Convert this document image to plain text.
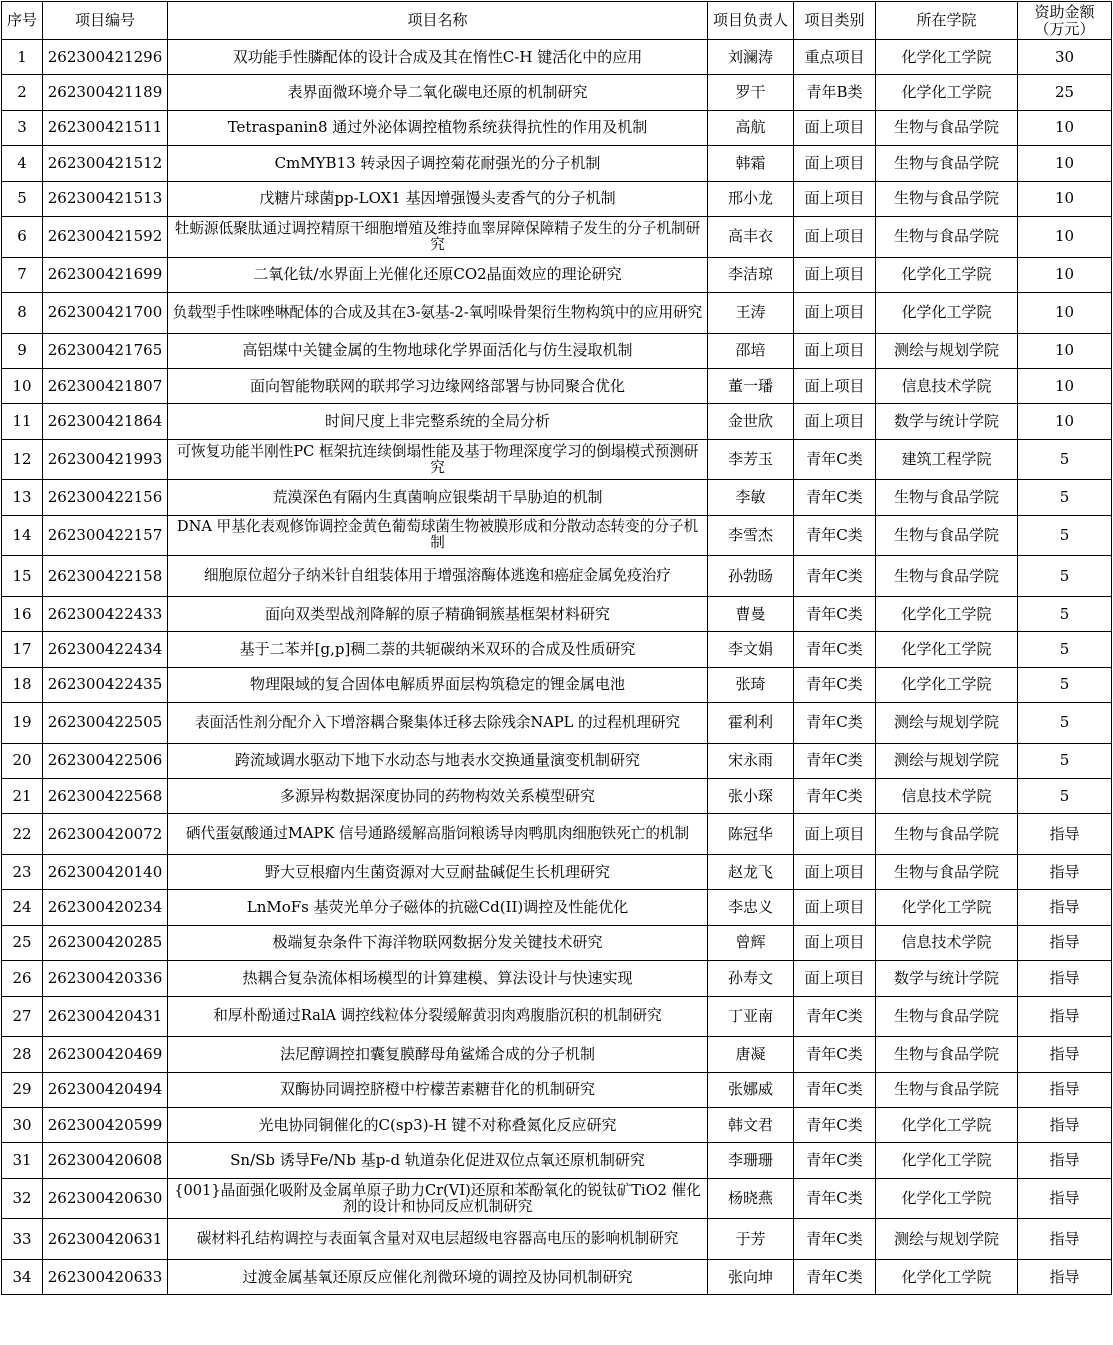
序号	项目编号	项目名称	项目负责人	项目类别	所在学院	资助金额（万元）
1	262300421296	双功能手性膦配体的设计合成及其在惰性C-H 键活化中的应用	刘澜涛	重点项目	化学化工学院	30
2	262300421189	表界面微环境介导二氧化碳电还原的机制研究	罗干	青年B类	化学化工学院	25
3	262300421511	Tetraspanin8 通过外泌体调控植物系统获得抗性的作用及机制	高航	面上项目	生物与食品学院	10
4	262300421512	CmMYB13 转录因子调控菊花耐强光的分子机制	韩霜	面上项目	生物与食品学院	10
5	262300421513	戊糖片球菌pp-LOX1 基因增强馒头麦香气的分子机制	邢小龙	面上项目	生物与食品学院	10
6	262300421592	牡蛎源低聚肽通过调控精原干细胞增殖及维持血睾屏障保障精子发生的分子机制研究	高丰衣	面上项目	生物与食品学院	10
7	262300421699	二氧化钛/水界面上光催化还原CO2晶面效应的理论研究	李洁琼	面上项目	化学化工学院	10
8	262300421700	负载型手性咪唑啉配体的合成及其在3-氨基-2-氧吲哚骨架衍生物构筑中的应用研究	王涛	面上项目	化学化工学院	10
9	262300421765	高铝煤中关键金属的生物地球化学界面活化与仿生浸取机制	邵培	面上项目	测绘与规划学院	10
10	262300421807	面向智能物联网的联邦学习边缘网络部署与协同聚合优化	董一璠	面上项目	信息技术学院	10
11	262300421864	时间尺度上非完整系统的全局分析	金世欣	面上项目	数学与统计学院	10
12	262300421993	可恢复功能半刚性PC 框架抗连续倒塌性能及基于物理深度学习的倒塌模式预测研究	李芳玉	青年C类	建筑工程学院	5
13	262300422156	荒漠深色有隔内生真菌响应银柴胡干旱胁迫的机制	李敏	青年C类	生物与食品学院	5
14	262300422157	DNA 甲基化表观修饰调控金黄色葡萄球菌生物被膜形成和分散动态转变的分子机制	李雪杰	青年C类	生物与食品学院	5
15	262300422158	细胞原位超分子纳米针自组装体用于增强溶酶体逃逸和癌症金属免疫治疗	孙勃旸	青年C类	生物与食品学院	5
16	262300422433	面向双类型战剂降解的原子精确铜簇基框架材料研究	曹曼	青年C类	化学化工学院	5
17	262300422434	基于二苯并[g,p]稠二萘的共轭碳纳米双环的合成及性质研究	李文娟	青年C类	化学化工学院	5
18	262300422435	物理限域的复合固体电解质界面层构筑稳定的锂金属电池	张琦	青年C类	化学化工学院	5
19	262300422505	表面活性剂分配介入下增溶耦合聚集体迁移去除残余NAPL 的过程机理研究	霍利利	青年C类	测绘与规划学院	5
20	262300422506	跨流域调水驱动下地下水动态与地表水交换通量演变机制研究	宋永雨	青年C类	测绘与规划学院	5
21	262300422568	多源异构数据深度协同的药物构效关系模型研究	张小琛	青年C类	信息技术学院	5
22	262300420072	硒代蛋氨酸通过MAPK 信号通路缓解高脂饲粮诱导肉鸭肌肉细胞铁死亡的机制	陈冠华	面上项目	生物与食品学院	指导
23	262300420140	野大豆根瘤内生菌资源对大豆耐盐碱促生长机理研究	赵龙飞	面上项目	生物与食品学院	指导
24	262300420234	LnMoFs 基荧光单分子磁体的抗磁Cd(II)调控及性能优化	李忠义	面上项目	化学化工学院	指导
25	262300420285	极端复杂条件下海洋物联网数据分发关键技术研究	曾辉	面上项目	信息技术学院	指导
26	262300420336	热耦合复杂流体相场模型的计算建模、算法设计与快速实现	孙寿文	面上项目	数学与统计学院	指导
27	262300420431	和厚朴酚通过RalA 调控线粒体分裂缓解黄羽肉鸡腹脂沉积的机制研究	丁亚南	青年C类	生物与食品学院	指导
28	262300420469	法尼醇调控扣囊复膜酵母角鲨烯合成的分子机制	唐凝	青年C类	生物与食品学院	指导
29	262300420494	双酶协同调控脐橙中柠檬苦素糖苷化的机制研究	张娜威	青年C类	生物与食品学院	指导
30	262300420599	光电协同铜催化的C(sp3)-H 键不对称叠氮化反应研究	韩文君	青年C类	化学化工学院	指导
31	262300420608	Sn/Sb 诱导Fe/Nb 基p-d 轨道杂化促进双位点氧还原机制研究	李珊珊	青年C类	化学化工学院	指导
32	262300420630	{001}晶面强化吸附及金属单原子助力Cr(VI)还原和苯酚氧化的锐钛矿TiO2 催化剂的设计和协同反应机制研究	杨晓燕	青年C类	化学化工学院	指导
33	262300420631	碳材料孔结构调控与表面氧含量对双电层超级电容器高电压的影响机制研究	于芳	青年C类	测绘与规划学院	指导
34	262300420633	过渡金属基氧还原反应催化剂微环境的调控及协同机制研究	张向坤	青年C类	化学化工学院	指导
